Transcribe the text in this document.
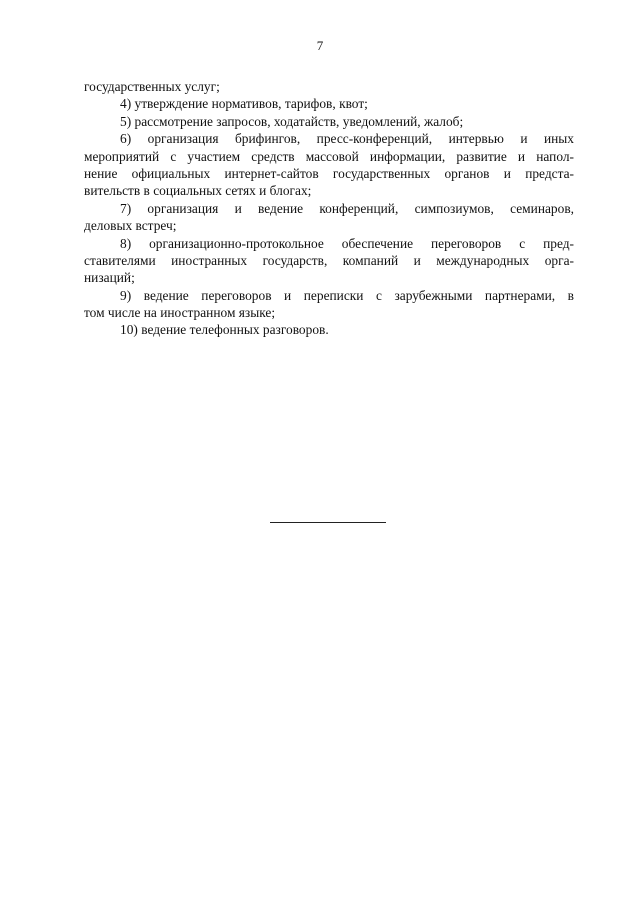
7
государственных услуг;
4) утверждение нормативов, тарифов, квот;
5) рассмотрение запросов, ходатайств, уведомлений, жалоб;
6) организация брифингов, пресс-конференций, интервью и иных
мероприятий с участием средств массовой информации, развитие и напол-
нение официальных интернет-сайтов государственных органов и предста-
вительств в социальных сетях и блогах;
7) организация и ведение конференций, симпозиумов, семинаров,
деловых встреч;
8) организационно-протокольное обеспечение переговоров с пред-
ставителями иностранных государств, компаний и международных орга-
низаций;
9) ведение переговоров и переписки с зарубежными партнерами, в
том числе на иностранном языке;
10) ведение телефонных разговоров.
